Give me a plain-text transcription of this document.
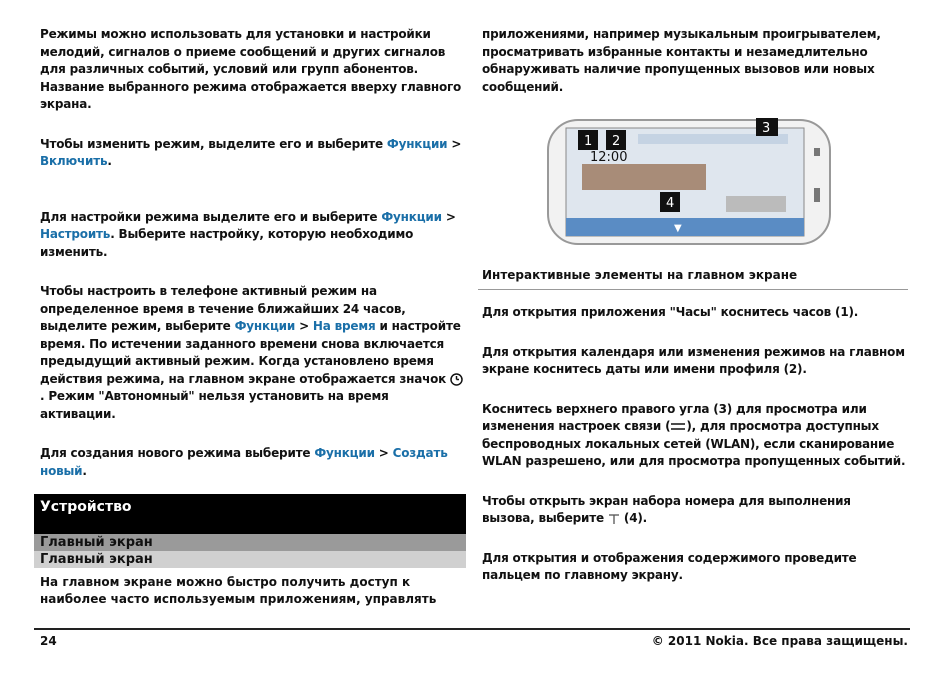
Режимы можно использовать для установки и настройки мелодий, сигналов о приеме сообщений и других сигналов для различных событий, условий или групп абонентов. Название выбранного режима отображается вверху главного экрана.

Чтобы изменить режим, выделите его и выберите Функции > Включить.

Для настройки режима выделите его и выберите Функции > Настроить. Выберите настройку, которую необходимо изменить.

Чтобы настроить в телефоне активный режим на определенное время в течение ближайших 24 часов, выделите режим, выберите Функции > На время и настройте время. По истечении заданного времени снова включается предыдущий активный режим. Когда установлено время действия режима, на главном экране отображается значок . Режим "Автономный" нельзя установить на время активации.

Для создания нового режима выберите Функции > Создать новый.

Устройство
Главный экран
Главный экран
На главном экране можно быстро получить доступ к наиболее часто используемым приложениям, управлять

приложениями, например музыкальным проигрывателем, просматривать избранные контакты и незамедлительно обнаруживать наличие пропущенных вызовов или новых сообщений.

▼
1 2
3
4
12:00
Интерактивные элементы на главном экране

Для открытия приложения "Часы" коснитесь часов (1).

Для открытия календаря или изменения режимов на главном экране коснитесь даты или имени профиля (2).

Коснитесь верхнего правого угла (3) для просмотра или изменения настроек связи ( ), для просмотра доступных беспроводных локальных сетей (WLAN), если сканирование WLAN разрешено, или для просмотра пропущенных событий.

Чтобы открыть экран набора номера для выполнения вызова, выберите (4).

Для открытия и отображения содержимого проведите пальцем по главному экрану.

24	© 2011 Nokia. Все права защищены.
